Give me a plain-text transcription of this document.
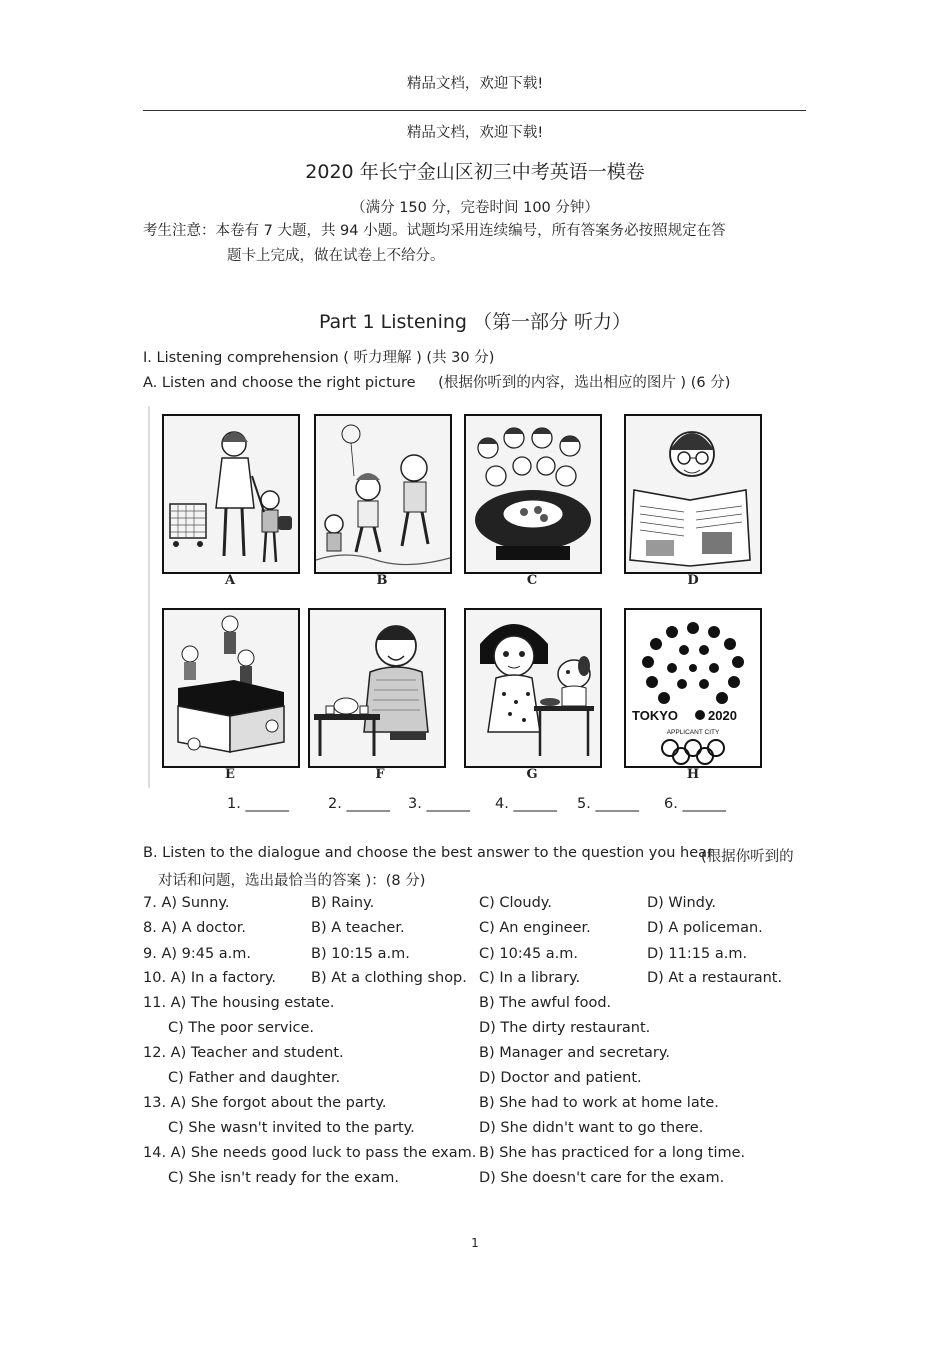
精品文档，欢迎下载!
精品文档，欢迎下载!
2020 年长宁金山区初三中考英语一模卷
（满分 150 分，完卷时间 100 分钟）
考生注意：本卷有 7 大题，共 94 小题。试题均采用连续编号，所有答案务必按照规定在答
题卡上完成，做在试卷上不给分。
Part 1 Listening （第一部分 听力）
I. Listening comprehension ( 听力理解 ) (共 30 分)
A. Listen and choose the right picture (根据你听到的内容，选出相应的图片 ) (6 分)
A	B	C	D
E	F	G
TOKYO 2020
APPLICANT CITY
H
1. ______	2. ______ 3. ______ 4. ______ 5. ______ 6. ______
B. Listen to the dialogue and choose the best answer to the question you hear
(根据你听到的
对话和问题，选出最恰当的答案 )：(8 分)
7. A) Sunny.	B) Rainy.	C) Cloudy.	D) Windy.
8. A) A doctor.	B) A teacher.	C) An engineer.	D) A policeman.
9. A) 9:45 a.m.	B) 10:15 a.m.	C) 10:45 a.m.	D) 11:15 a.m.
10. A) In a factory. B) At a clothing shop. C) In a library.	D) At a restaurant.
11. A) The housing estate.	B) The awful food.
C) The poor service.	D) The dirty restaurant.
12. A) Teacher and student.	B) Manager and secretary.
C) Father and daughter.	D) Doctor and patient.
13. A) She forgot about the party.	B) She had to work at home late.
C) She wasn't invited to the party.	D) She didn't want to go there.
14. A) She needs good luck to pass the exam. B) She has practiced for a long time.
C) She isn't ready for the exam.	D) She doesn't care for the exam.
1
